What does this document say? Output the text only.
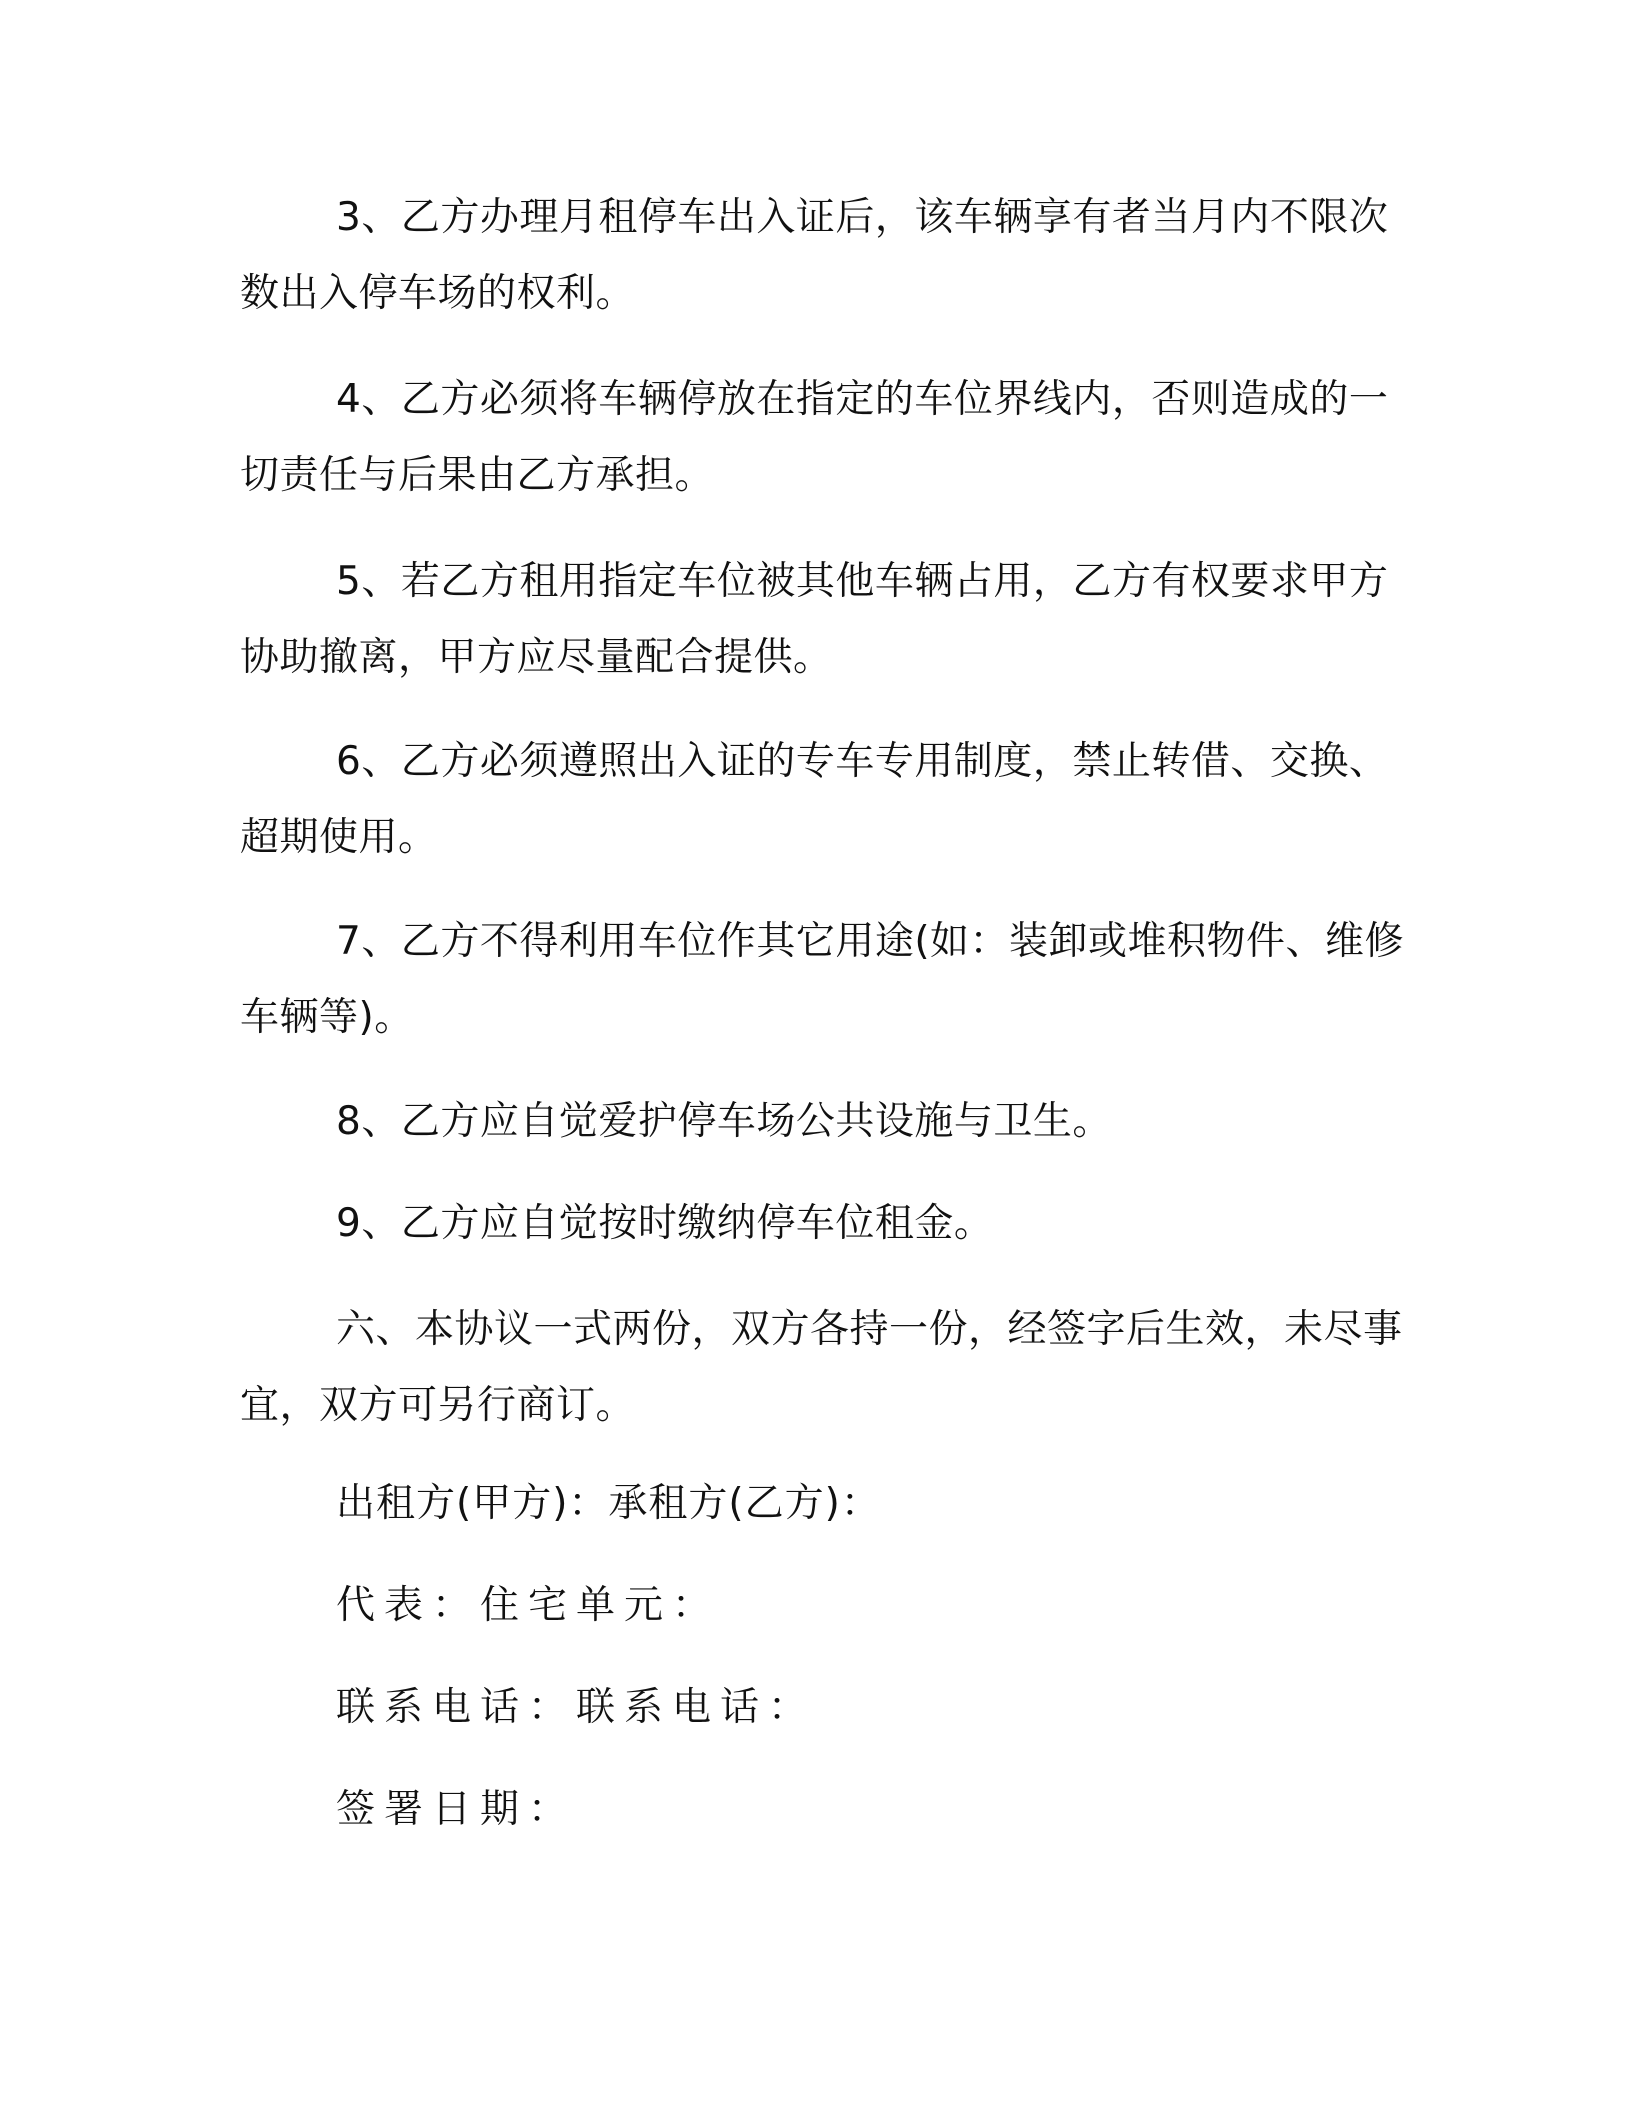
3、乙方办理月租停车出入证后，该车辆享有者当月内不限次数出入停车场的权利。

4、乙方必须将车辆停放在指定的车位界线内，否则造成的一切责任与后果由乙方承担。

5、若乙方租用指定车位被其他车辆占用，乙方有权要求甲方协助撤离，甲方应尽量配合提供。

6、乙方必须遵照出入证的专车专用制度，禁止转借、交换、超期使用。

7、乙方不得利用车位作其它用途(如：装卸或堆积物件、维修车辆等)。

8、乙方应自觉爱护停车场公共设施与卫生。

9、乙方应自觉按时缴纳停车位租金。

六、本协议一式两份，双方各持一份，经签字后生效，未尽事宜，双方可另行商订。

出租方(甲方)：承租方(乙方)：

代表：住宅单元：

联系电话：联系电话：

签署日期：
